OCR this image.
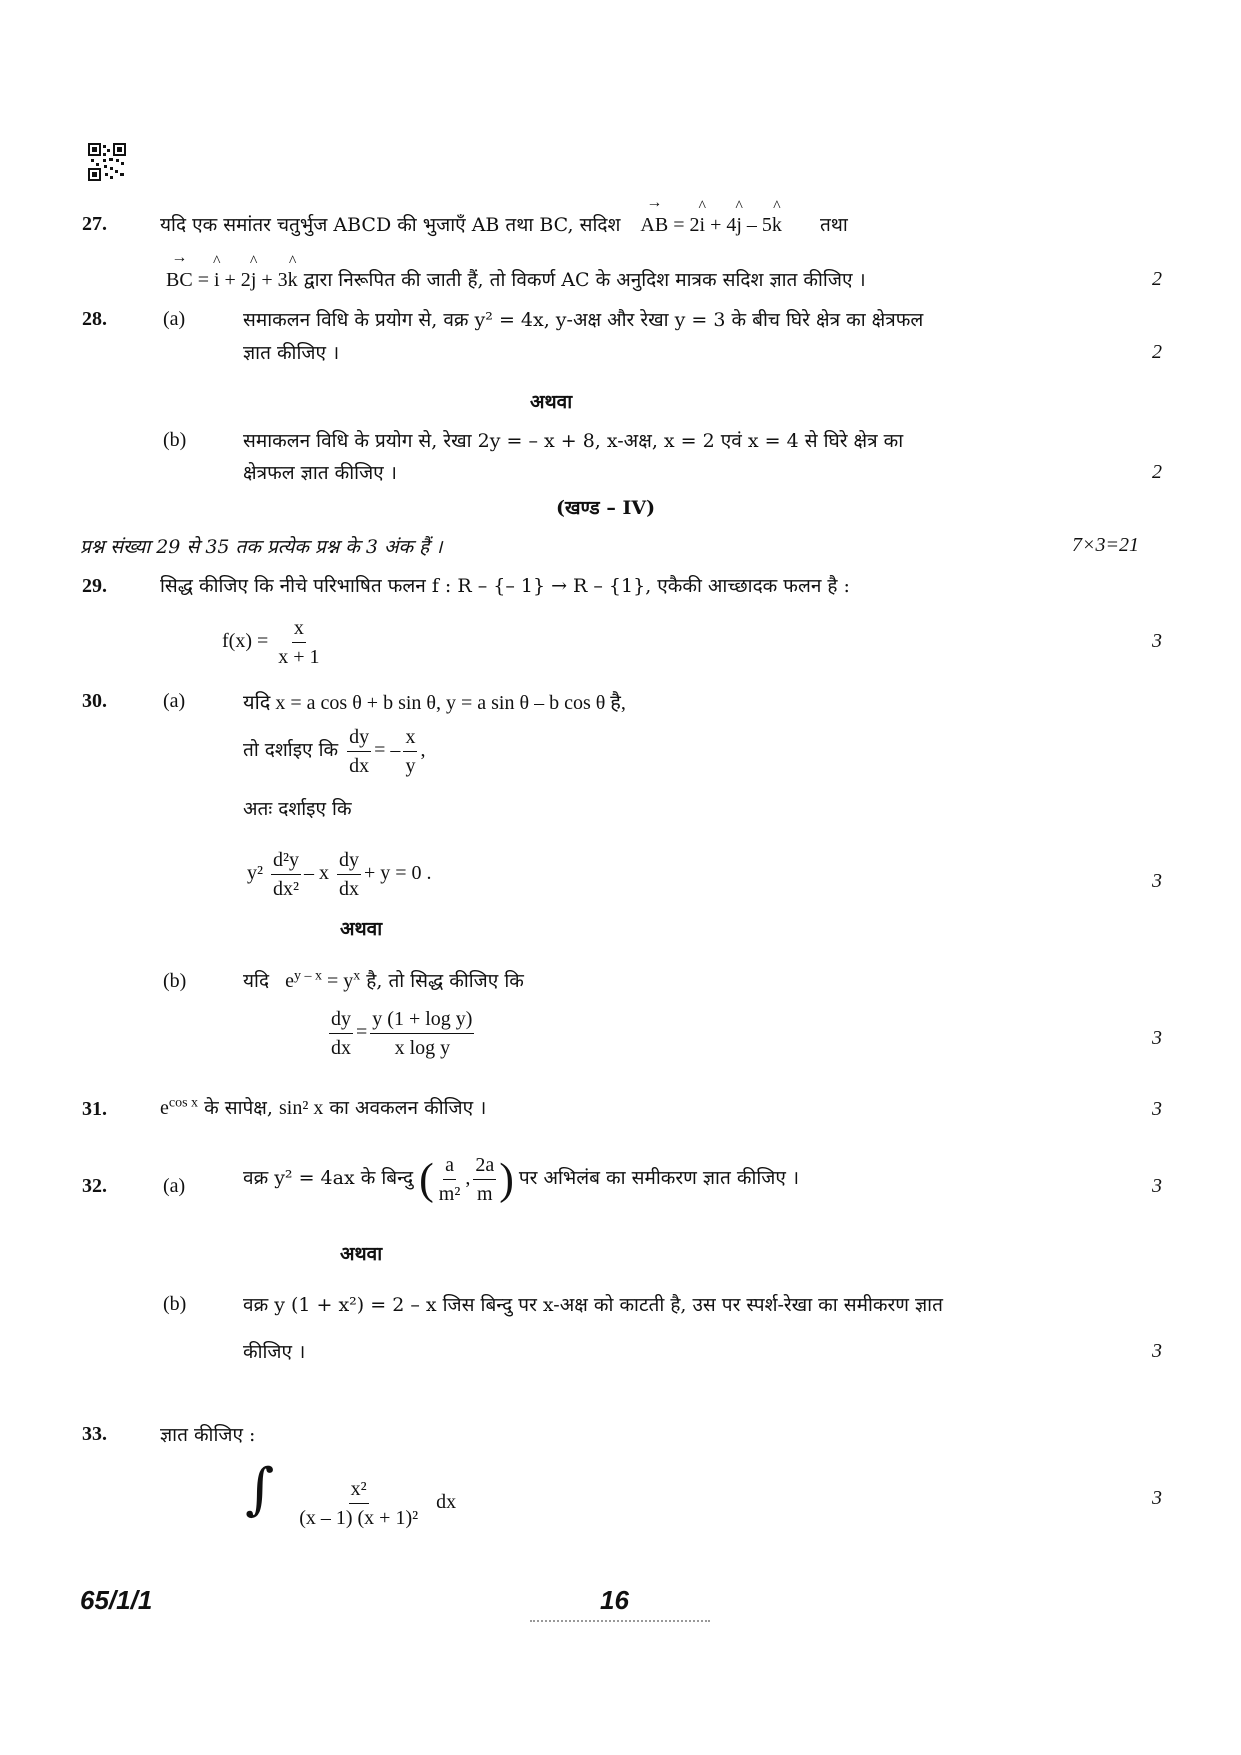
27.	यदि एक समांतर चतुर्भुज ABCD की भुजाएँ AB तथा BC, सदिश → AB = 2^ i + 4^ j – 5^ k तथा
→ BC = ^ i + 2^ j + 3^ k द्वारा निरूपित की जाती हैं, तो विकर्ण AC के अनुदिश मात्रक सदिश ज्ञात कीजिए ।	2
28.	(a)	समाकलन विधि के प्रयोग से, वक्र y² = 4x, y-अक्ष और रेखा y = 3 के बीच घिरे क्षेत्र का क्षेत्रफल
ज्ञात कीजिए ।	2
अथवा
(b)	समाकलन विधि के प्रयोग से, रेखा 2y = – x + 8, x-अक्ष, x = 2 एवं x = 4 से घिरे क्षेत्र का
क्षेत्रफल ज्ञात कीजिए ।	2
(खण्ड – IV)
प्रश्न संख्या 29 से 35 तक प्रत्येक प्रश्न के 3 अंक हैं ।	7×3=21
29.	सिद्ध कीजिए कि नीचे परिभाषित फलन f : R – {– 1} → R – {1}, एकैकी आच्छादक फलन है :
$f(x) = \frac{x}{x + 1}$	3
30.	(a)	यदि x = a cos θ + b sin θ, y = a sin θ – b cos θ है,
तो दर्शाइए कि $\frac{dy}{dx}$ = – $\frac{x}{y}$ ,
अतः दर्शाइए कि
$y^2 \frac{\text{d²y}}{\text{dx²}} - x \frac{dy}{dx} + y = 0$ .	3
अथवा
(b)	यदि $e^{y - x} = y^x$ है, तो सिद्ध कीजिए कि
$\frac{dy}{dx} = \frac{\text{y (1 + log y)}}{\text{x log y}}$	3
31.	$e^{cos x}$ के सापेक्ष, sin² x का अवकलन कीजिए ।	3
32.	(a)	वक्र y² = 4ax के बिन्दु ( $\frac{a}{\text{m²}}$ , $\frac{2a}{m}$ ) पर अभिलंब का समीकरण ज्ञात कीजिए ।	3
अथवा
(b)	वक्र y (1 + x²) = 2 – x जिस बिन्दु पर x-अक्ष को काटती है, उस पर स्पर्श-रेखा का समीकरण ज्ञात
कीजिए ।	3
33.	ज्ञात कीजिए :
∫ $\frac{\text{x²}}{\text{(x – 1) (x + 1)²}}$ dx	3
65/1/1	16
